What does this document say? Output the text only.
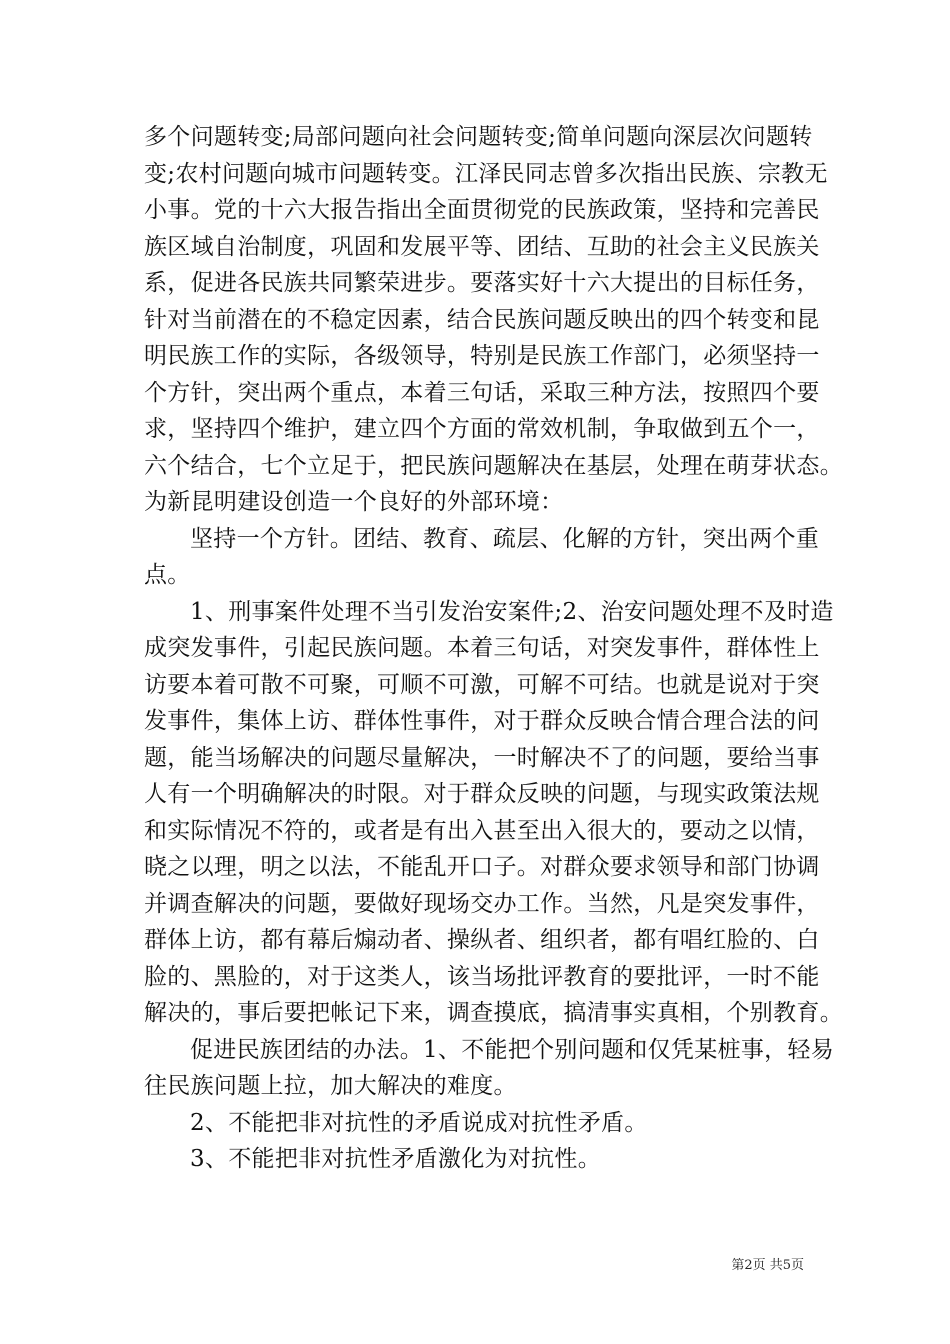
多个问题转变;局部问题向社会问题转变;简单问题向深层次问题转
变;农村问题向城市问题转变。江泽民同志曾多次指出民族、宗教无
小事。党的十六大报告指出全面贯彻党的民族政策，坚持和完善民
族区域自治制度，巩固和发展平等、团结、互助的社会主义民族关
系，促进各民族共同繁荣进步。要落实好十六大提出的目标任务，
针对当前潜在的不稳定因素，结合民族问题反映出的四个转变和昆
明民族工作的实际，各级领导，特别是民族工作部门，必须坚持一
个方针，突出两个重点，本着三句话，采取三种方法，按照四个要
求，坚持四个维护，建立四个方面的常效机制，争取做到五个一，
六个结合，七个立足于，把民族问题解决在基层，处理在萌芽状态。
为新昆明建设创造一个良好的外部环境：
坚持一个方针。团结、教育、疏层、化解的方针，突出两个重
点。
1、刑事案件处理不当引发治安案件;2、治安问题处理不及时造
成突发事件，引起民族问题。本着三句话，对突发事件，群体性上
访要本着可散不可聚，可顺不可激，可解不可结。也就是说对于突
发事件，集体上访、群体性事件，对于群众反映合情合理合法的问
题，能当场解决的问题尽量解决，一时解决不了的问题，要给当事
人有一个明确解决的时限。对于群众反映的问题，与现实政策法规
和实际情况不符的，或者是有出入甚至出入很大的，要动之以情，
晓之以理，明之以法，不能乱开口子。对群众要求领导和部门协调
并调查解决的问题，要做好现场交办工作。当然，凡是突发事件，
群体上访，都有幕后煽动者、操纵者、组织者，都有唱红脸的、白
脸的、黑脸的，对于这类人，该当场批评教育的要批评，一时不能
解决的，事后要把帐记下来，调查摸底，搞清事实真相，个别教育。
促进民族团结的办法。1、不能把个别问题和仅凭某桩事，轻易
往民族问题上拉，加大解决的难度。
2、不能把非对抗性的矛盾说成对抗性矛盾。
3、不能把非对抗性矛盾激化为对抗性。
第2页 共5页
